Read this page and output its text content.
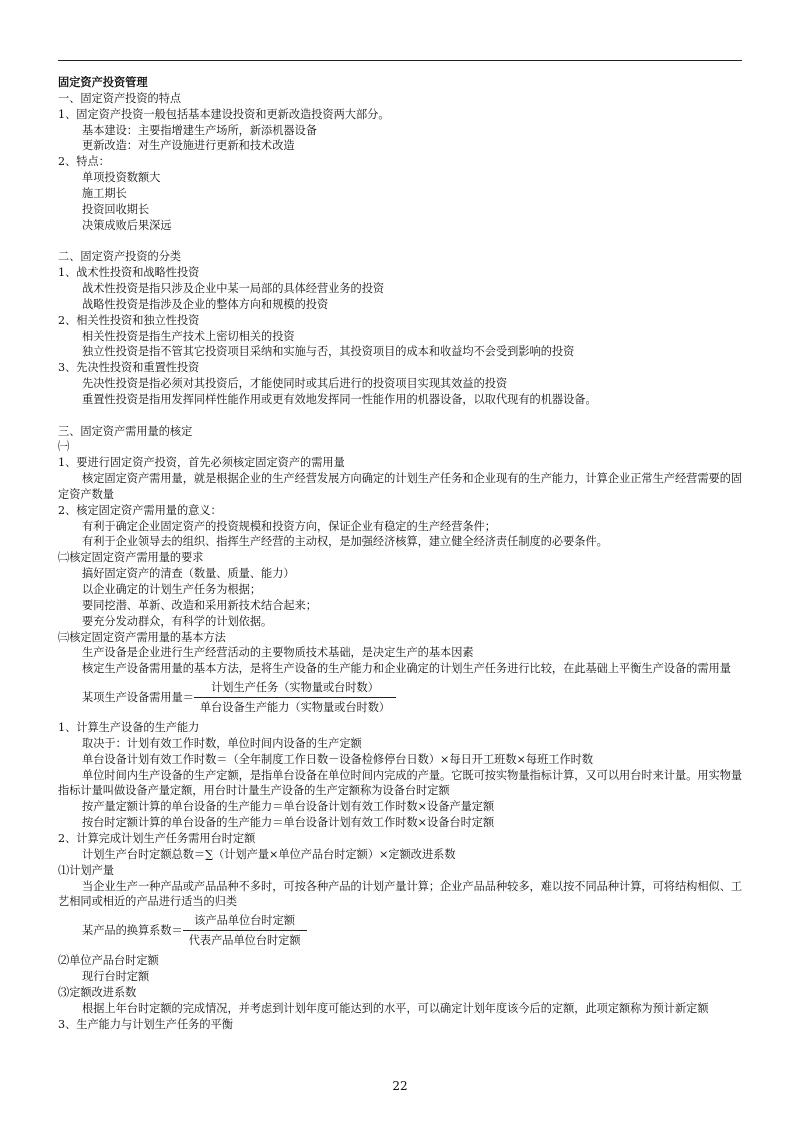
固定资产投资管理

一、固定资产投资的特点

1、固定资产投资一般包括基本建设投资和更新改造投资两大部分。

基本建设：主要指增建生产场所，新添机器设备

更新改造：对生产设施进行更新和技术改造

2、特点：

单项投资数额大

施工期长

投资回收期长

决策成败后果深远

二、固定资产投资的分类

1、战术性投资和战略性投资

战术性投资是指只涉及企业中某一局部的具体经营业务的投资

战略性投资是指涉及企业的整体方向和规模的投资

2、相关性投资和独立性投资

相关性投资是指生产技术上密切相关的投资

独立性投资是指不管其它投资项目采纳和实施与否，其投资项目的成本和收益均不会受到影响的投资

3、先决性投资和重置性投资

先决性投资是指必须对其投资后，才能使同时或其后进行的投资项目实现其效益的投资

重置性投资是指用发挥同样性能作用或更有效地发挥同一性能作用的机器设备，以取代现有的机器设备。

三、固定资产需用量的核定

㈠

1、要进行固定资产投资，首先必须核定固定资产的需用量

核定固定资产需用量，就是根据企业的生产经营发展方向确定的计划生产任务和企业现有的生产能力，计算企业正常生产经营需要的固定资产数量

2、核定固定资产需用量的意义：

有利于确定企业固定资产的投资规模和投资方向，保证企业有稳定的生产经营条件；

有利于企业领导去的组织、指挥生产经营的主动权，是加强经济核算，建立健全经济责任制度的必要条件。

㈡核定固定资产需用量的要求

搞好固定资产的清查（数量、质量、能力）

以企业确定的计划生产任务为根据；

要同挖潜、革新、改造和采用新技术结合起来；

要充分发动群众，有科学的计划依据。

㈢核定固定资产需用量的基本方法

生产设备是企业进行生产经营活动的主要物质技术基础，是决定生产的基本因素

核定生产设备需用量的基本方法，是将生产设备的生产能力和企业确定的计划生产任务进行比较，在此基础上平衡生产设备的需用量

某项生产设备需用量＝ $\frac{\text{计划生产任务（实物量或台时数）}}{\text{单台设备生产能力（实物量或台时数）}}$

1、计算生产设备的生产能力

取决于：计划有效工作时数，单位时间内设备的生产定额

单台设备计划有效工作时数＝（全年制度工作日数－设备检修停台日数）×每日开工班数×每班工作时数

单位时间内生产设备的生产定额，是指单台设备在单位时间内完成的产量。它既可按实物量指标计算，又可以用台时来计量。用实物量指标计量叫做设备产量定额，用台时计量生产设备的生产定额称为设备台时定额

按产量定额计算的单台设备的生产能力＝单台设备计划有效工作时数×设备产量定额

按台时定额计算的单台设备的生产能力＝单台设备计划有效工作时数×设备台时定额

2、计算完成计划生产任务需用台时定额

计划生产台时定额总数＝∑（计划产量×单位产品台时定额）×定额改进系数

⑴计划产量

当企业生产一种产品或产品品种不多时，可按各种产品的计划产量计算；企业产品品种较多，难以按不同品种计算，可将结构相似、工艺相同或相近的产品进行适当的归类

某产品的换算系数＝ $\frac{\text{该产品单位台时定额}}{\text{代表产品单位台时定额}}$

⑵单位产品台时定额

现行台时定额

⑶定额改进系数

根据上年台时定额的完成情况，并考虑到计划年度可能达到的水平，可以确定计划年度该今后的定额，此项定额称为预计新定额

3、生产能力与计划生产任务的平衡

22
